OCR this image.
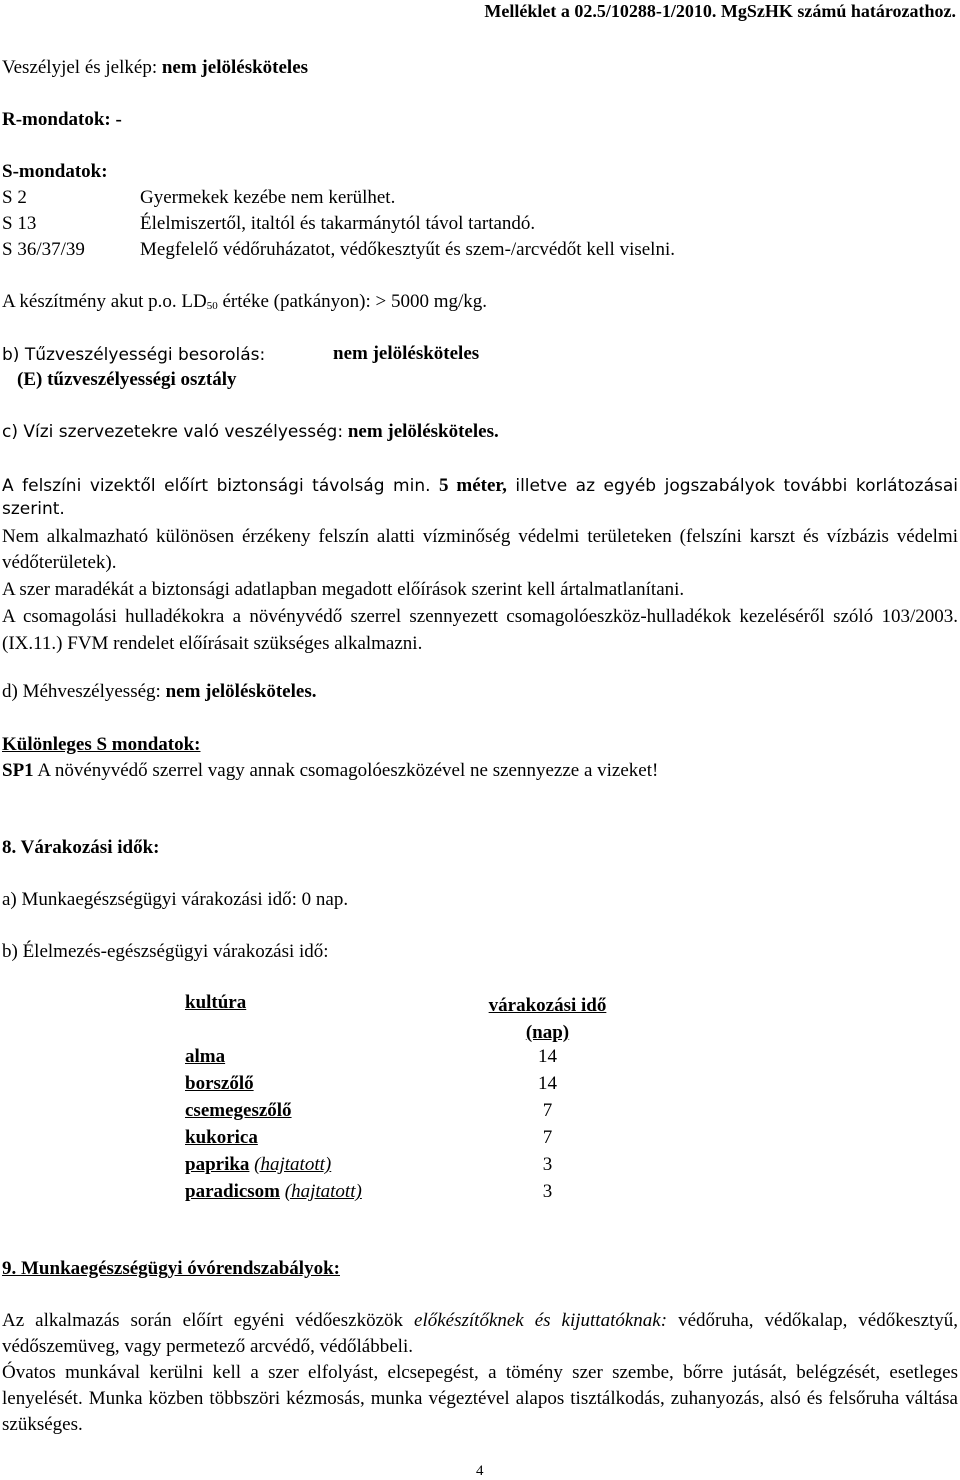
Melléklet a 02.5/10288-1/2010. MgSzHK számú határozathoz.
Veszélyjel és jelkép: nem jelölésköteles
R-mondatok: -
S-mondatok:
S 2	Gyermekek kezébe nem kerülhet.
S 13	Élelmiszertől, italtól és takarmánytól távol tartandó.
S 36/37/39	Megfelelő védőruházatot, védőkesztyűt és szem-/arcvédőt kell viselni.
A készítmény akut p.o. $LD_{50}$ értéke (patkányon): > 5000 mg/kg.
b) Tűzveszélyességi besorolás:	nem jelölésköteles
(E) tűzveszélyességi osztály
c) Vízi szervezetekre való veszélyesség: nem jelölésköteles.
A felszíni vizektől előírt biztonsági távolság min. 5 méter, illetve az egyéb jogszabályok további korlátozásai szerint.
Nem alkalmazható különösen érzékeny felszín alatti vízminőség védelmi területeken (felszíni karszt és vízbázis védelmi védőterületek).
A szer maradékát a biztonsági adatlapban megadott előírások szerint kell ártalmatlanítani.
A csomagolási hulladékokra a növényvédő szerrel szennyezett csomagolóeszköz-hulladékok kezeléséről szóló 103/2003. (IX.11.) FVM rendelet előírásait szükséges alkalmazni.
d) Méhveszélyesség: nem jelölésköteles.
Különleges S mondatok:
SP1 A növényvédő szerrel vagy annak csomagolóeszközével ne szennyezze a vizeket!
8. Várakozási idők:
a) Munkaegészségügyi várakozási idő: 0 nap.
b) Élelmezés-egészségügyi várakozási idő:
kultúra	várakozási idő
(nap)
alma	14
borszőlő	14
csemegeszőlő	7
kukorica	7
paprika (hajtatott)	3
paradicsom (hajtatott)	3
9. Munkaegészségügyi óvórendszabályok:
Az alkalmazás során előírt egyéni védőeszközök előkészítőknek és kijuttatóknak: védőruha, védőkalap, védőkesztyű, védőszemüveg, vagy permetező arcvédő, védőlábbeli.
Óvatos munkával kerülni kell a szer elfolyást, elcsepegést, a tömény szer szembe, bőrre jutását, belégzését, esetleges lenyelését. Munka közben többszöri kézmosás, munka végeztével alapos tisztálkodás, zuhanyozás, alsó és felsőruha váltása szükséges.
4
